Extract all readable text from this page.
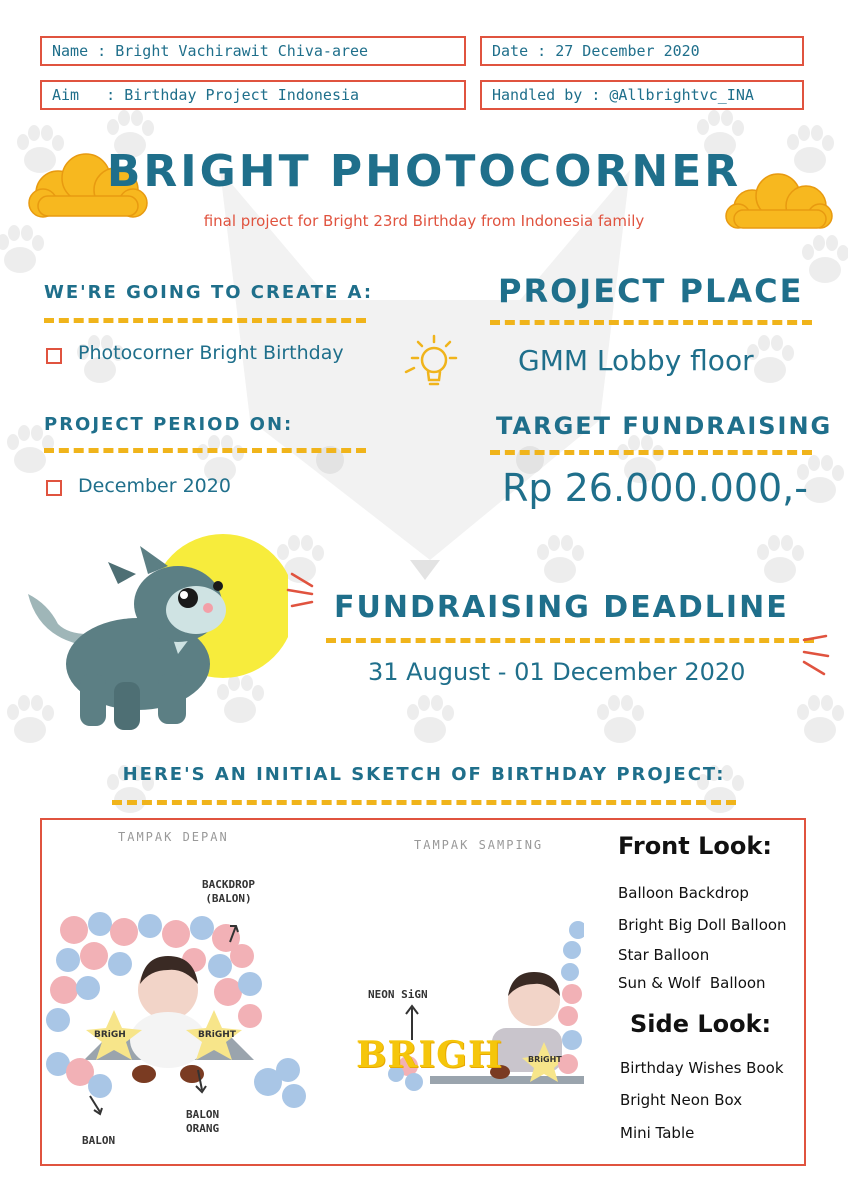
Name : Bright Vachirawit Chiva-aree	Date : 27 December 2020
Aim   : Birthday Project Indonesia	Handled by : @Allbrightvc_INA
BRIGHT PHOTOCORNER
final project for Bright 23rd Birthday from Indonesia family
WE'RE GOING TO CREATE A:
Photocorner Bright Birthday
PROJECT PERIOD ON:
December 2020
PROJECT PLACE
GMM Lobby floor
TARGET FUNDRAISING
Rp 26.000.000,-
FUNDRAISING DEADLINE
31 August - 01 December 2020
HERE'S AN INITIAL SKETCH OF BIRTHDAY PROJECT:
TAMPAK DEPAN
TAMPAK SAMPING
BACKDROP
(BALON)
BALON
BALON
ORANG
NEON SiGN
BRIGH
BRiGH	BRiGHT
BRiGHT
Front Look:
Balloon Backdrop
Bright Big Doll Balloon
Star Balloon
Sun & Wolf  Balloon
Side Look:
Birthday Wishes Book
Bright Neon Box
Mini Table
